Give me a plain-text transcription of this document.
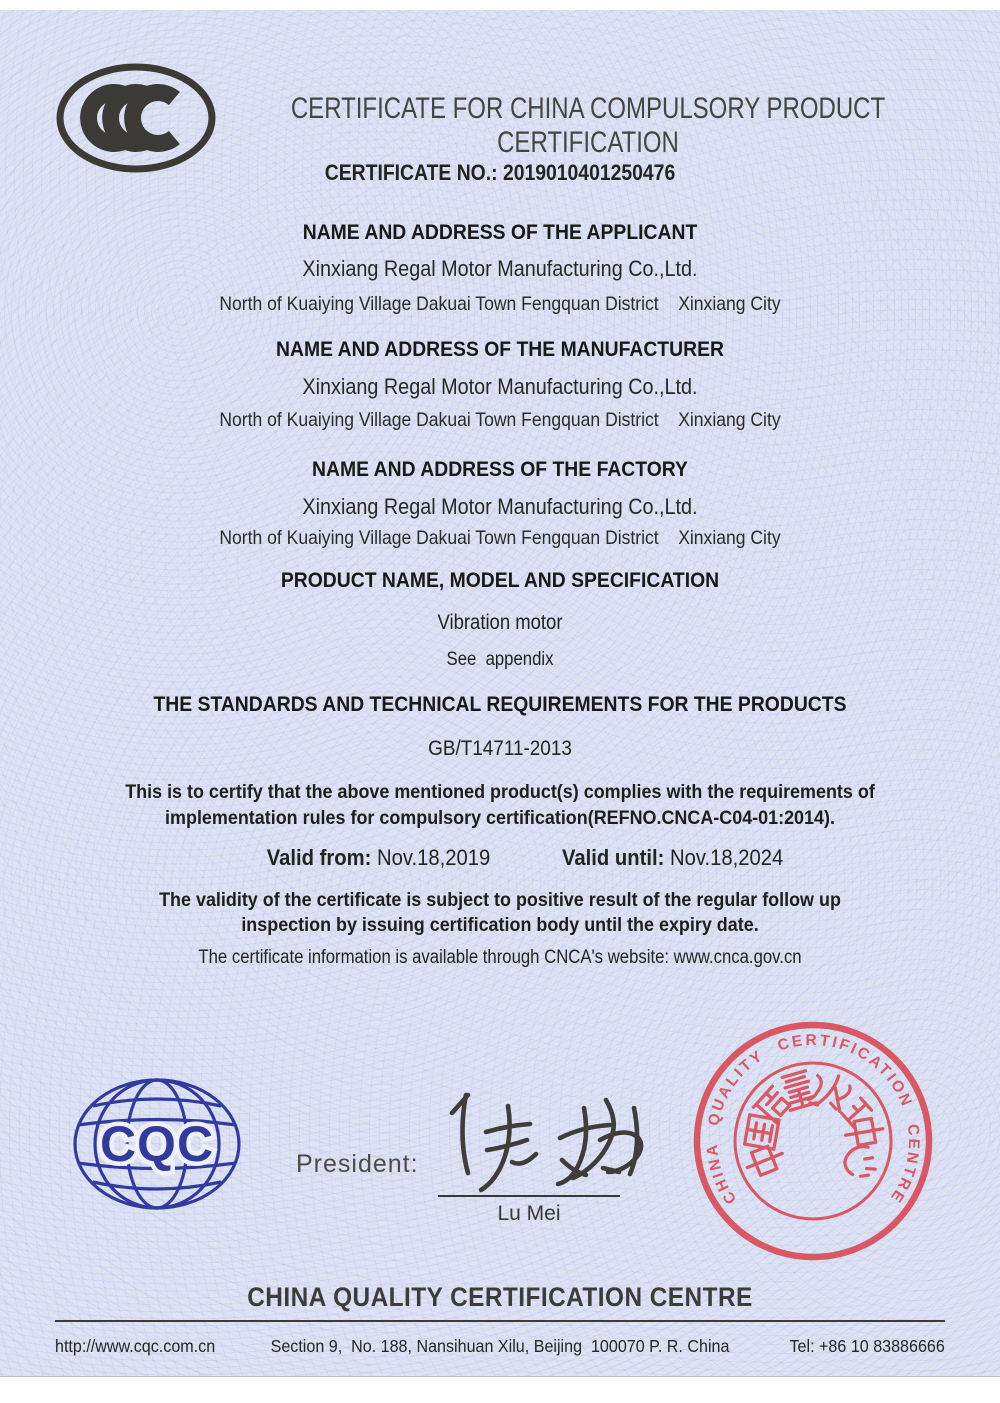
CERTIFICATE FOR CHINA COMPULSORY PRODUCT CERTIFICATION
CERTIFICATE NO.: 2019010401250476
NAME AND ADDRESS OF THE APPLICANT
Xinxiang Regal Motor Manufacturing Co.,Ltd.
North of Kuaiying Village Dakuai Town Fengquan District    Xinxiang City
NAME AND ADDRESS OF THE MANUFACTURER
Xinxiang Regal Motor Manufacturing Co.,Ltd.
North of Kuaiying Village Dakuai Town Fengquan District    Xinxiang City
NAME AND ADDRESS OF THE FACTORY
Xinxiang Regal Motor Manufacturing Co.,Ltd.
North of Kuaiying Village Dakuai Town Fengquan District    Xinxiang City
PRODUCT NAME, MODEL AND SPECIFICATION
Vibration motor
See  appendix
THE STANDARDS AND TECHNICAL REQUIREMENTS FOR THE PRODUCTS
GB/T14711-2013
This is to certify that the above mentioned product(s) complies with the requirements of
implementation rules for compulsory certification(REFNO.CNCA-C04-01:2014).
Valid from: Nov.18,2019	Valid until: Nov.18,2024
The validity of the certificate is subject to positive result of the regular follow up
inspection by issuing certification body until the expiry date.
The certificate information is available through CNCA's website: www.cnca.gov.cn
CQC	President:
Lu Mei
CHINA QUALITY CERTIFICATION CENTRE
CHINA QUALITY CERTIFICATION CENTRE
http://www.cqc.com.cn	Section 9,  No. 188, Nansihuan Xilu, Beijing  100070 P. R. China	Tel: +86 10 83886666
